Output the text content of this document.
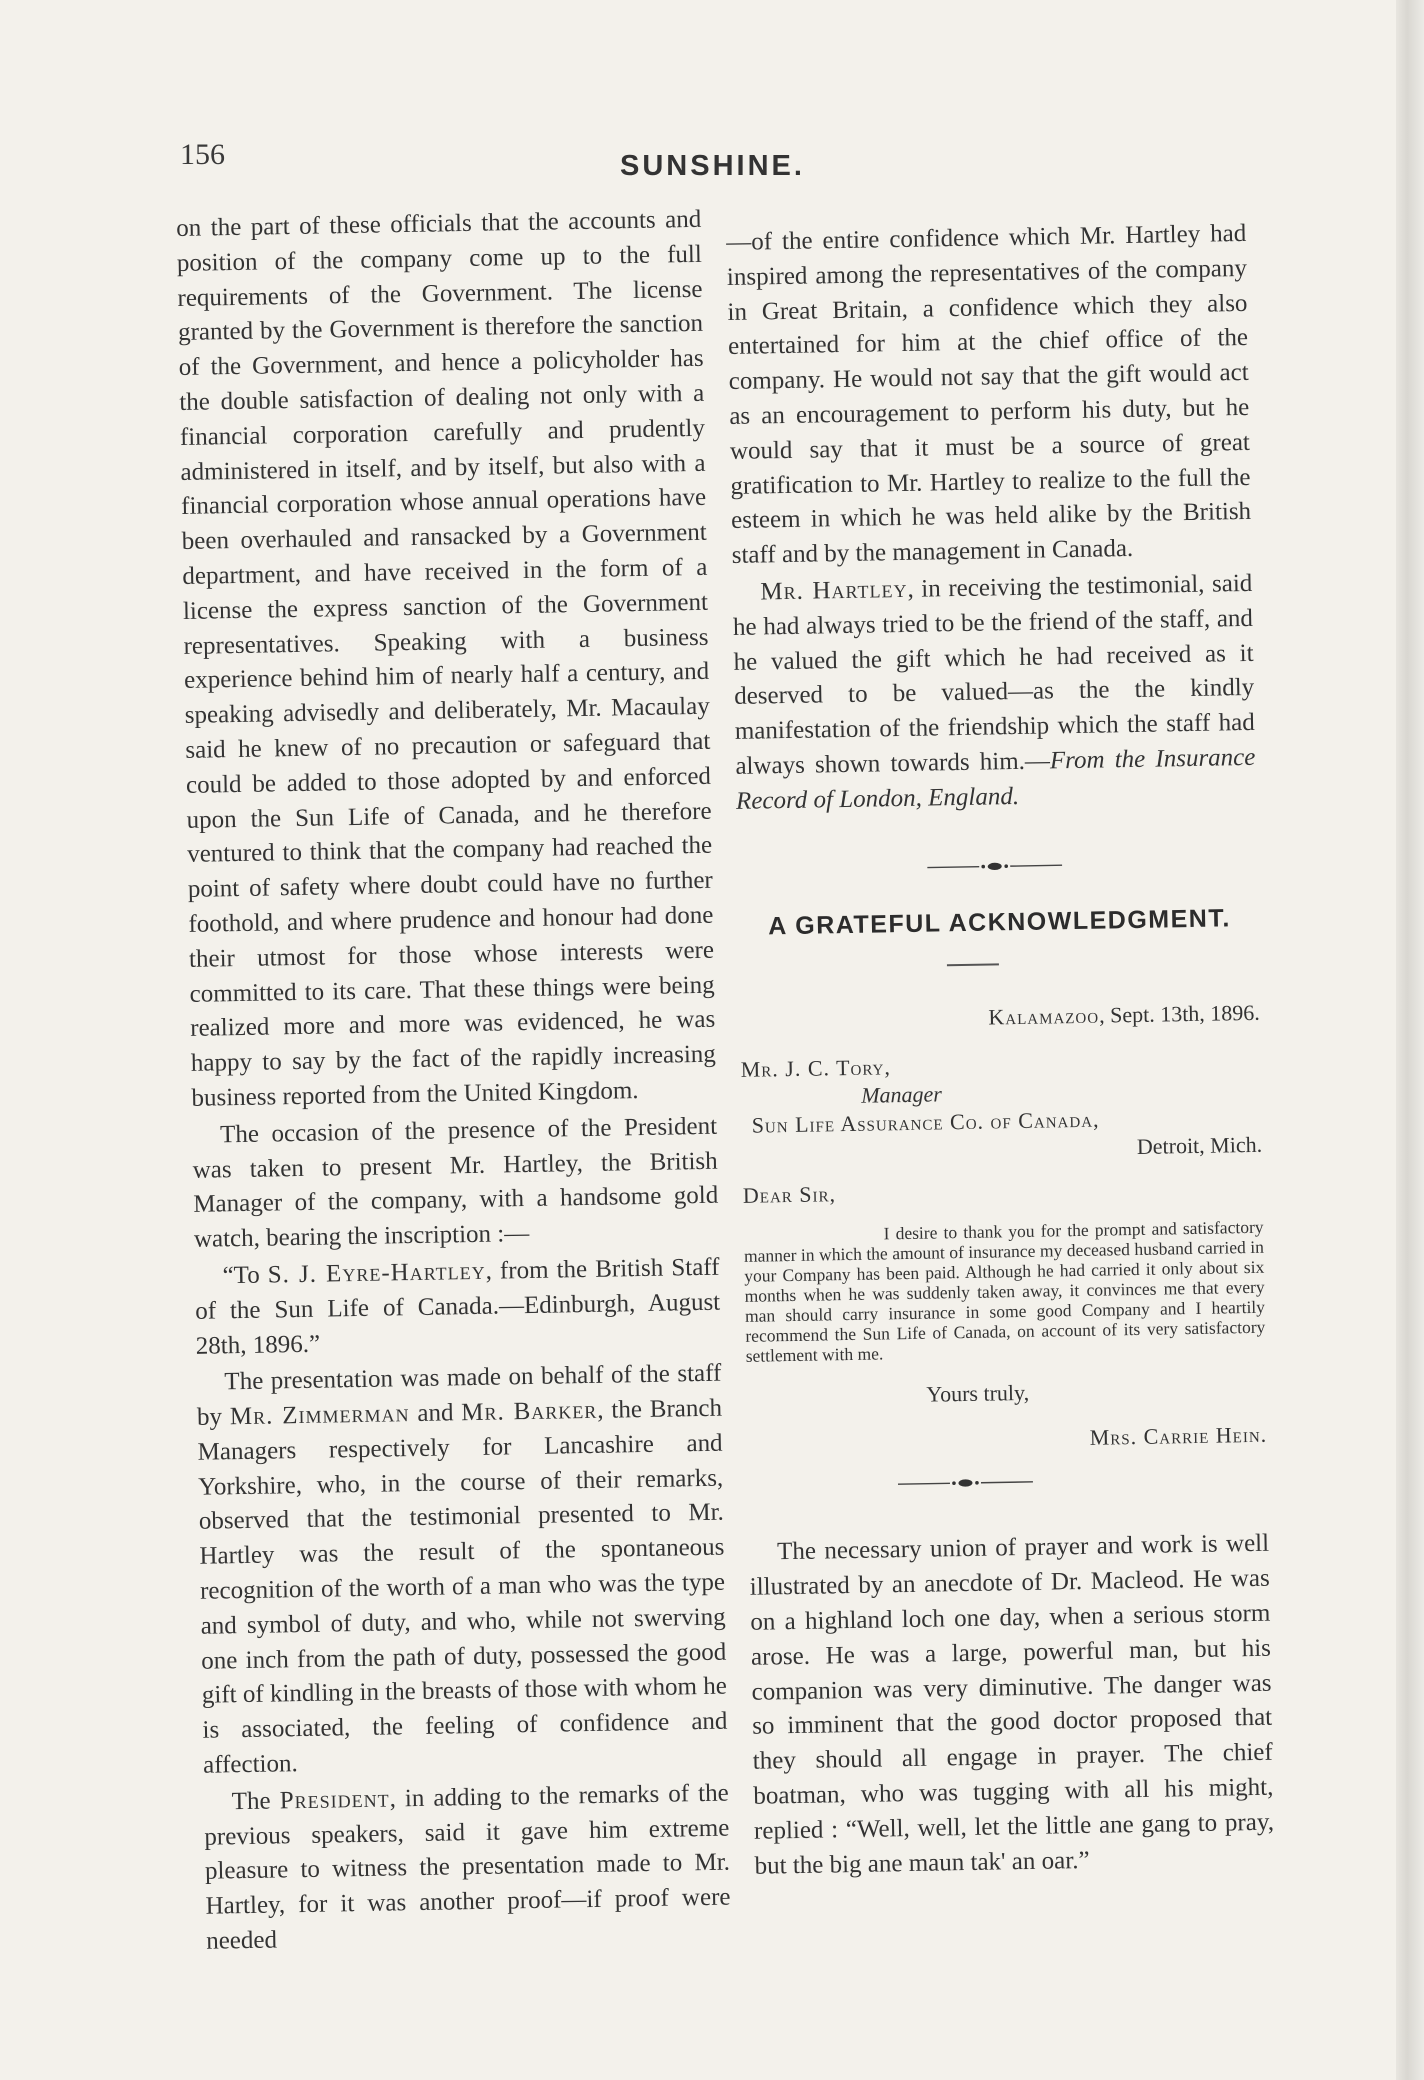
156	SUNSHINE.

on the part of these officials that the accounts and position of the company come up to the full requirements of the Government. The license granted by the Government is therefore the sanction of the Government, and hence a policyholder has the double satisfaction of dealing not only with a financial corporation carefully and prudently administered in itself, and by itself, but also with a financial corporation whose annual operations have been overhauled and ransacked by a Government department, and have received in the form of a license the express sanction of the Government representatives. Speaking with a business experience behind him of nearly half a century, and speaking advisedly and deliberately, Mr. Macaulay said he knew of no precaution or safeguard that could be added to those adopted by and enforced upon the Sun Life of Canada, and he therefore ventured to think that the company had reached the point of safety where doubt could have no further foothold, and where prudence and honour had done their utmost for those whose interests were committed to its care. That these things were being realized more and more was evidenced, he was happy to say by the fact of the rapidly increasing business reported from the United Kingdom.

The occasion of the presence of the President was taken to present Mr. Hartley, the British Manager of the company, with a handsome gold watch, bearing the inscription :—

“To S. J. Eyre-Hartley, from the British Staff of the Sun Life of Canada.—Edinburgh, August 28th, 1896.”

The presentation was made on behalf of the staff by Mr. Zimmerman and Mr. Barker, the Branch Managers respectively for Lancashire and Yorkshire, who, in the course of their remarks, observed that the testimonial presented to Mr. Hartley was the result of the spontaneous recognition of the worth of a man who was the type and symbol of duty, and who, while not swerving one inch from the path of duty, possessed the good gift of kindling in the breasts of those with whom he is associated, the feeling of confidence and affection.

The President, in adding to the remarks of the previous speakers, said it gave him extreme pleasure to witness the presentation made to Mr. Hartley, for it was another proof—if proof were needed

—of the entire confidence which Mr. Hartley had inspired among the representatives of the company in Great Britain, a confidence which they also entertained for him at the chief office of the company. He would not say that the gift would act as an encouragement to perform his duty, but he would say that it must be a source of great gratification to Mr. Hartley to realize to the full the esteem in which he was held alike by the British staff and by the management in Canada.

Mr. Hartley, in receiving the testimonial, said he had always tried to be the friend of the staff, and he valued the gift which he had received as it deserved to be valued—as the the kindly manifestation of the friendship which the staff had always shown towards him.—From the Insurance Record of London, England.

A GRATEFUL ACKNOWLEDGMENT.
Kalamazoo, Sept. 13th, 1896.
Mr. J. C. Tory,
Manager
Sun Life Assurance Co. of Canada,
Detroit, Mich.
Dear Sir,
I desire to thank you for the prompt and satisfactory manner in which the amount of insurance my deceased husband carried in your Company has been paid. Although he had carried it only about six months when he was suddenly taken away, it convinces me that every man should carry insurance in some good Company and I heartily recommend the Sun Life of Canada, on account of its very satisfactory settlement with me.
Yours truly,
Mrs. Carrie Hein.

The necessary union of prayer and work is well illustrated by an anecdote of Dr. Macleod. He was on a highland loch one day, when a serious storm arose. He was a large, powerful man, but his companion was very diminutive. The danger was so imminent that the good doctor proposed that they should all engage in prayer. The chief boatman, who was tugging with all his might, replied : “Well, well, let the little ane gang to pray, but the big ane maun tak' an oar.”
